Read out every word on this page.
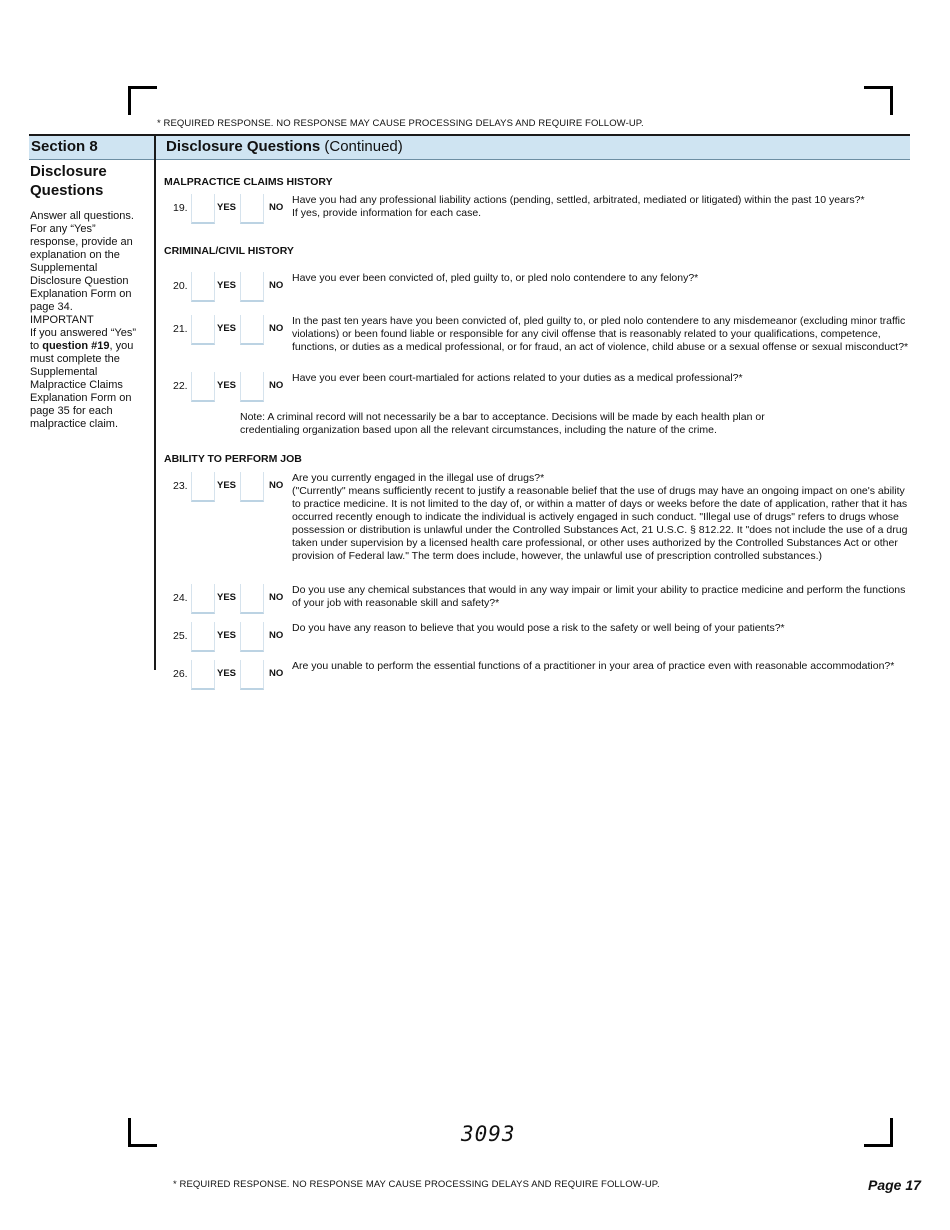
* REQUIRED RESPONSE. NO RESPONSE MAY CAUSE PROCESSING DELAYS AND REQUIRE FOLLOW-UP.
Section 8	Disclosure Questions (Continued)
Disclosure Questions

Answer all questions. For any “Yes” response, provide an explanation on the Supplemental Disclosure Question Explanation Form on page 34.

IMPORTANT

If you answered “Yes” to question #19, you must complete the Supplemental Malpractice Claims Explanation Form on page 35 for each malpractice claim.

MALPRACTICE CLAIMS HISTORY
CRIMINAL/CIVIL HISTORY
ABILITY TO PERFORM JOB
19.	YES	NO

Have you had any professional liability actions (pending, settled, arbitrated, mediated or litigated) within the past 10 years?*

If yes, provide information for each case.

20.	YES	NO

Have you ever been convicted of, pled guilty to, or pled nolo contendere to any felony?*

21.	YES	NO

In the past ten years have you been convicted of, pled guilty to, or pled nolo contendere to any misdemeanor (excluding minor traffic violations) or been found liable or responsible for any civil offense that is reasonably related to your qualifications, competence, functions, or duties as a medical professional, or for fraud, an act of violence, child abuse or a sexual offense or sexual misconduct?*

22.	YES	NO

Have you ever been court-martialed for actions related to your duties as a medical professional?*

Note: A criminal record will not necessarily be a bar to acceptance. Decisions will be made by each health plan or credentialing organization based upon all the relevant circumstances, including the nature of the crime.
23.	YES	NO

Are you currently engaged in the illegal use of drugs?*

("Currently" means sufficiently recent to justify a reasonable belief that the use of drugs may have an ongoing impact on one's ability to practice medicine. It is not limited to the day of, or within a matter of days or weeks before the date of application, rather that it has occurred recently enough to indicate the individual is actively engaged in such conduct. "Illegal use of drugs" refers to drugs whose possession or distribution is unlawful under the Controlled Substances Act, 21 U.S.C. § 812.22. It "does not include the use of a drug taken under supervision by a licensed health care professional, or other uses authorized by the Controlled Substances Act or other provision of Federal law." The term does include, however, the unlawful use of prescription controlled substances.)

24.	YES	NO

Do you use any chemical substances that would in any way impair or limit your ability to practice medicine and perform the functions of your job with reasonable skill and safety?*

25.	YES	NO

Do you have any reason to believe that you would pose a risk to the safety or well being of your patients?*

26.	YES	NO

Are you unable to perform the essential functions of a practitioner in your area of practice even with reasonable accommodation?*

3093
* REQUIRED RESPONSE. NO RESPONSE MAY CAUSE PROCESSING DELAYS AND REQUIRE FOLLOW-UP.	Page 17
